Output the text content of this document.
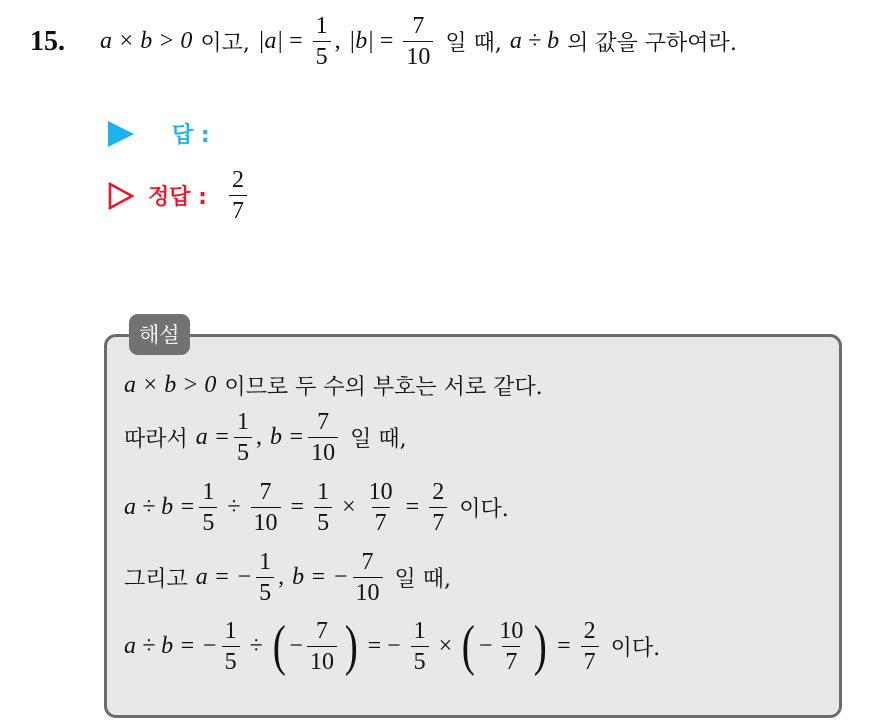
15. a × b > 0 이고, $|a| = \frac{1}{5}$ , $|b| = \frac{7}{10}$ 일 때, a ÷ b 의 값을 구하여라.
답 :
정답 : $\frac{2}{7}$
해설
a × b > 0 이므로 두 수의 부호는 서로 같다.
따라서 $a = \frac{1}{5}$ , $b = \frac{7}{10}$ 일 때,
$a \div b = \frac{1}{5} \div \frac{7}{10} = \frac{1}{5} \times \frac{10}{7} = \frac{2}{7}$ 이다.
그리고 a = − $\frac{1}{5}$ , b = − $\frac{7}{10}$ 일 때,
a ÷ b = − $\frac{1}{5}$ ÷ ( − $\frac{7}{10}$ ) = − $\frac{1}{5}$ × ( − $\frac{10}{7}$ ) = $\frac{2}{7}$ 이다.
